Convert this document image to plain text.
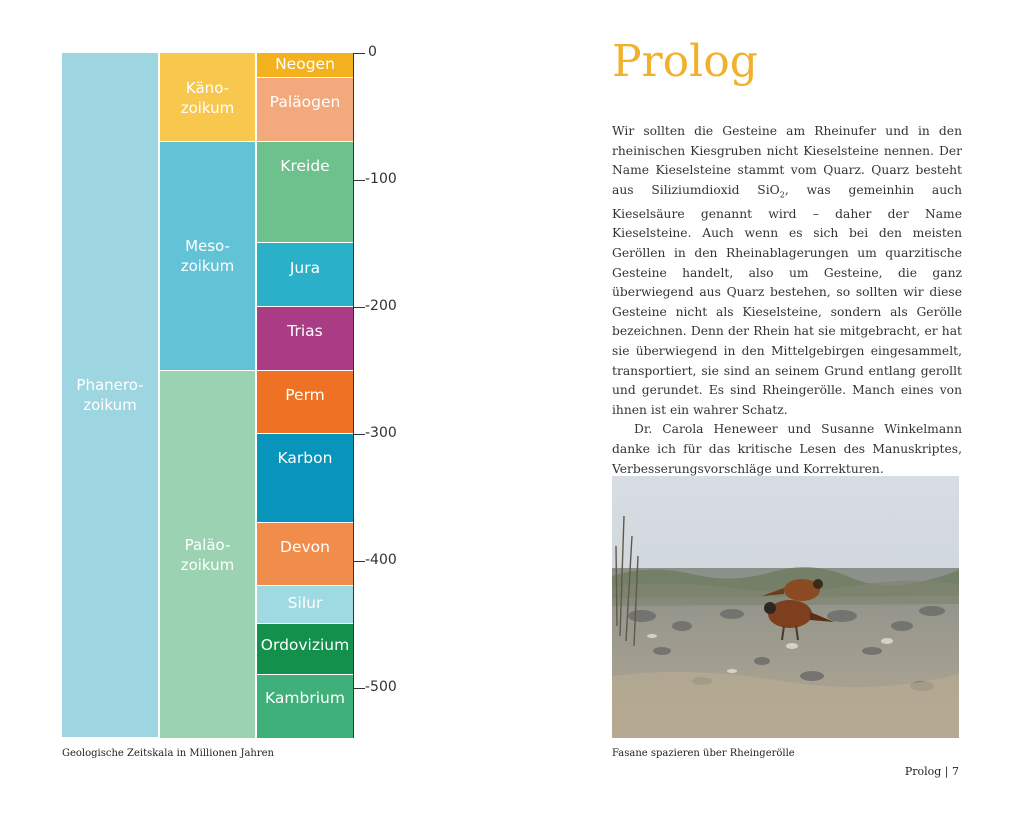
Phanero-
zoikum
Käno-
zoikum
Meso-
zoikum
Paläo-
zoikum
Neogen
Paläogen
Kreide
Jura
Trias
Perm
Karbon
Devon
Silur
Ordovizium
Kambrium
0
-100
-200
-300
-400
-500
Geologische Zeitskala in Millionen Jahren
Prolog

Wir sollten die Gesteine am Rheinufer und in den rheinischen Kiesgruben nicht Kieselsteine nennen. Der Name Kieselsteine stammt vom Quarz. Quarz besteht aus Siliziumdioxid SiO$_2$, was gemeinhin auch Kieselsäure genannt wird – daher der Name Kieselsteine. Auch wenn es sich bei den meisten Geröllen in den Rheinablagerungen um quarzitische Gesteine handelt, also um Gesteine, die ganz überwiegend aus Quarz bestehen, so sollten wir diese Gesteine nicht als Kieselsteine, sondern als Gerölle bezeichnen. Denn der Rhein hat sie mitgebracht, er hat sie überwiegend in den Mittelgebirgen eingesammelt, transportiert, sie sind an seinem Grund entlang gerollt und gerundet. Es sind Rheingerölle. Manch eines von ihnen ist ein wahrer Schatz.

Dr. Carola Heneweer und Susanne Winkelmann danke ich für das kritische Lesen des Manuskriptes, Verbesserungsvorschläge und Korrekturen.

Fasane spazieren über Rheingerölle
Prolog | 7
